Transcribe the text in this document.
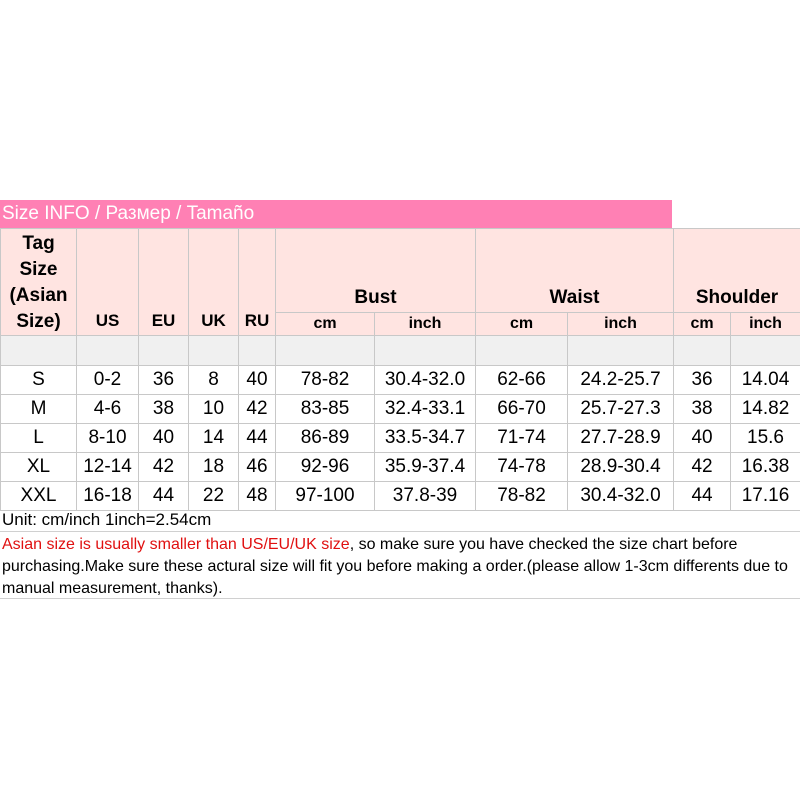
Size INFO / Размер / Tamaño
Tag Size (Asian Size)	US	EU	UK	RU	Bust		Waist		Shoulder	
					cm	inch	cm	inch	cm	inch

S	0-2	36	8	40	78-82	30.4-32.0	62-66	24.2-25.7	36	14.04
M	4-6	38	10	42	83-85	32.4-33.1	66-70	25.7-27.3	38	14.82
L	8-10	40	14	44	86-89	33.5-34.7	71-74	27.7-28.9	40	15.6
XL	12-14	42	18	46	92-96	35.9-37.4	74-78	28.9-30.4	42	16.38
XXL	16-18	44	22	48	97-100	37.8-39	78-82	30.4-32.0	44	17.16
Unit: cm/inch 1inch=2.54cm
Asian size is usually smaller than US/EU/UK size, so make sure you have checked the size chart before purchasing.Make sure these actural size will fit you before making a order.(please allow 1-3cm differents due to manual measurement, thanks).
